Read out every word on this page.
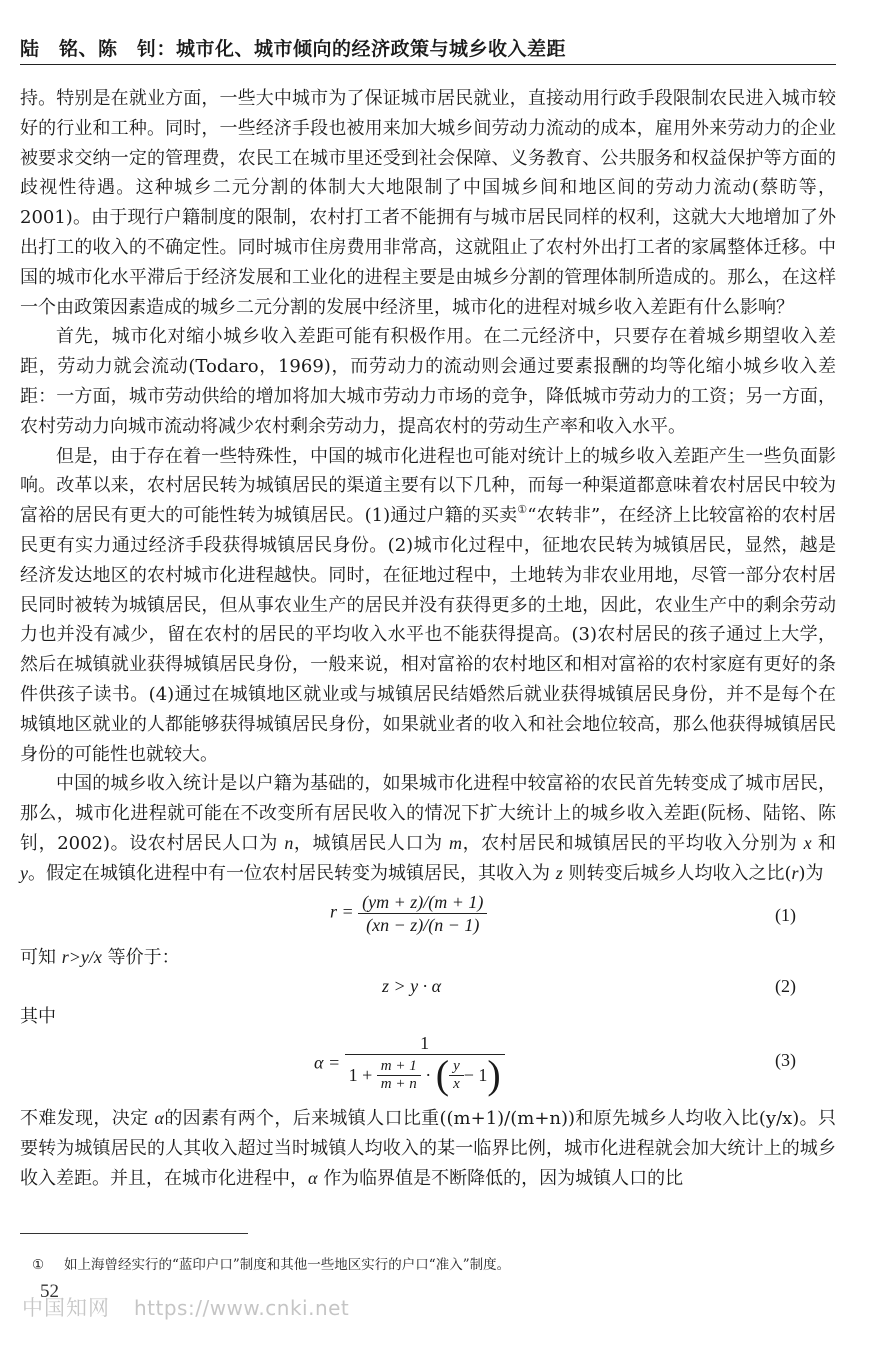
陆　铭、陈　钊：城市化、城市倾向的经济政策与城乡收入差距

持。特别是在就业方面，一些大中城市为了保证城市居民就业，直接动用行政手段限制农民进入城市较好的行业和工种。同时，一些经济手段也被用来加大城乡间劳动力流动的成本，雇用外来劳动力的企业被要求交纳一定的管理费，农民工在城市里还受到社会保障、义务教育、公共服务和权益保护等方面的歧视性待遇。这种城乡二元分割的体制大大地限制了中国城乡间和地区间的劳动力流动(蔡昉等，2001)。由于现行户籍制度的限制，农村打工者不能拥有与城市居民同样的权利，这就大大地增加了外出打工的收入的不确定性。同时城市住房费用非常高，这就阻止了农村外出打工者的家属整体迁移。中国的城市化水平滞后于经济发展和工业化的进程主要是由城乡分割的管理体制所造成的。那么，在这样一个由政策因素造成的城乡二元分割的发展中经济里，城市化的进程对城乡收入差距有什么影响？

首先，城市化对缩小城乡收入差距可能有积极作用。在二元经济中，只要存在着城乡期望收入差距，劳动力就会流动(Todaro，1969)，而劳动力的流动则会通过要素报酬的均等化缩小城乡收入差距：一方面，城市劳动供给的增加将加大城市劳动力市场的竞争，降低城市劳动力的工资；另一方面，农村劳动力向城市流动将减少农村剩余劳动力，提高农村的劳动生产率和收入水平。

但是，由于存在着一些特殊性，中国的城市化进程也可能对统计上的城乡收入差距产生一些负面影响。改革以来，农村居民转为城镇居民的渠道主要有以下几种，而每一种渠道都意味着农村居民中较为富裕的居民有更大的可能性转为城镇居民。(1)通过户籍的买卖①“农转非”，在经济上比较富裕的农村居民更有实力通过经济手段获得城镇居民身份。(2)城市化过程中，征地农民转为城镇居民，显然，越是经济发达地区的农村城市化进程越快。同时，在征地过程中，土地转为非农业用地，尽管一部分农村居民同时被转为城镇居民，但从事农业生产的居民并没有获得更多的土地，因此，农业生产中的剩余劳动力也并没有减少，留在农村的居民的平均收入水平也不能获得提高。(3)农村居民的孩子通过上大学，然后在城镇就业获得城镇居民身份，一般来说，相对富裕的农村地区和相对富裕的农村家庭有更好的条件供孩子读书。(4)通过在城镇地区就业或与城镇居民结婚然后就业获得城镇居民身份，并不是每个在城镇地区就业的人都能够获得城镇居民身份，如果就业者的收入和社会地位较高，那么他获得城镇居民身份的可能性也就较大。

中国的城乡收入统计是以户籍为基础的，如果城市化进程中较富裕的农民首先转变成了城市居民，那么，城市化进程就可能在不改变所有居民收入的情况下扩大统计上的城乡收入差距(阮杨、陆铭、陈钊，2002)。设农村居民人口为 n，城镇居民人口为 m，农村居民和城镇居民的平均收入分别为 x 和 y。假定在城镇化进程中有一位农村居民转变为城镇居民，其收入为 z 则转变后城乡人均收入之比(r)为

$r = \frac{(ym + z)/(m + 1)}{(xn - z)/(n - 1)}$	(1)

可知 r>y/x 等价于：

z > y · α	(2)

其中

α =
1
$1 + \frac{m + 1}{m + n}$ · ( $\frac{y}{x} - 1$)	(3)

不难发现，决定 α的因素有两个，后来城镇人口比重((m+1)/(m+n))和原先城乡人均收入比(y/x)。只要转为城镇居民的人其收入超过当时城镇人均收入的某一临界比例，城市化进程就会加大统计上的城乡收入差距。并且，在城市化进程中，α 作为临界值是不断降低的，因为城镇人口的比

① 如上海曾经实行的“蓝印户口”制度和其他一些地区实行的户口“准入”制度。
52
中国知网 https://www.cnki.net
